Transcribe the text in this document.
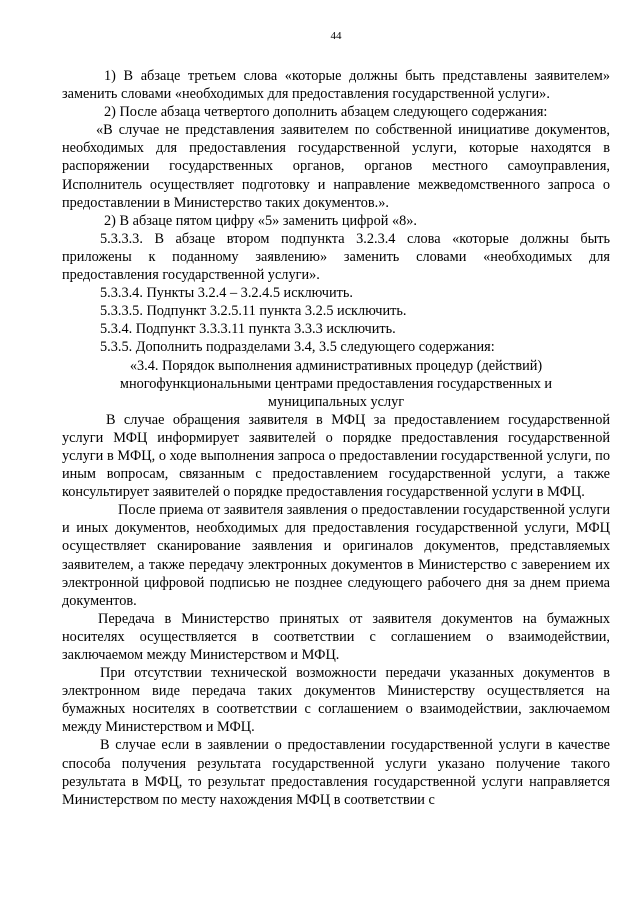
44

1) В абзаце третьем слова «которые должны быть представлены заявителем» заменить словами «необходимых для предоставления государственной услуги».

2) После абзаца четвертого дополнить абзацем следующего содержания:

«В случае не представления заявителем по собственной инициативе документов, необходимых для предоставления государственной услуги, которые находятся в распоряжении государственных органов, органов местного самоуправления, Исполнитель осуществляет подготовку и направление межведомственного запроса о предоставлении в Министерство таких документов.».

2) В абзаце пятом цифру «5» заменить цифрой «8».

5.3.3.3. В абзаце втором подпункта 3.2.3.4 слова «которые должны быть приложены к поданному заявлению» заменить словами «необходимых для предоставления государственной услуги».

5.3.3.4. Пункты 3.2.4 – 3.2.4.5 исключить.

5.3.3.5. Подпункт 3.2.5.11 пункта 3.2.5 исключить.

5.3.4. Подпункт 3.3.3.11 пункта 3.3.3 исключить.

5.3.5. Дополнить подразделами 3.4, 3.5 следующего содержания:

«3.4. Порядок выполнения административных процедур (действий) многофункциональными центрами предоставления государственных и муниципальных услуг

В случае обращения заявителя в МФЦ за предоставлением государственной услуги МФЦ информирует заявителей о порядке предоставления государственной услуги в МФЦ, о ходе выполнения запроса о предоставлении государственной услуги, по иным вопросам, связанным с предоставлением государственной услуги, а также консультирует заявителей о порядке предоставления государственной услуги в МФЦ.

После приема от заявителя заявления о предоставлении государственной услуги и иных документов, необходимых для предоставления государственной услуги, МФЦ осуществляет сканирование заявления и оригиналов документов, представляемых заявителем, а также передачу электронных документов в Министерство с заверением их электронной цифровой подписью не позднее следующего рабочего дня за днем приема документов.

Передача в Министерство принятых от заявителя документов на бумажных носителях осуществляется в соответствии с соглашением о взаимодействии, заключаемом между Министерством и МФЦ.

При отсутствии технической возможности передачи указанных документов в электронном виде передача таких документов Министерству осуществляется на бумажных носителях в соответствии с соглашением о взаимодействии, заключаемом между Министерством и МФЦ.

В случае если в заявлении о предоставлении государственной услуги в качестве способа получения результата государственной услуги указано получение такого результата в МФЦ, то результат предоставления государственной услуги направляется Министерством по месту нахождения МФЦ в соответствии с
